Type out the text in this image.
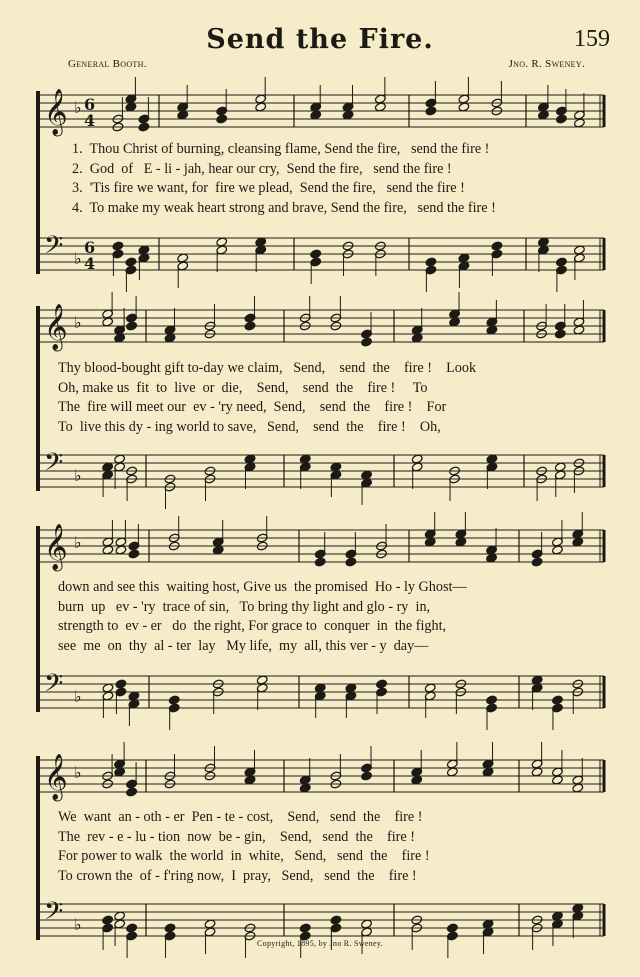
Send the Fire.	159
General Booth.	Jno. R. Sweney.
𝄞 ♭ 6
4
𝄢 ♭
6
4
1.  Thou Christ of burning, cleansing flame, Send the fire,   send the fire !
2.  God  of   E - li - jah, hear our cry,  Send the fire,   send the fire !
3.  'Tis fire we want, for  fire we plead,  Send the fire,   send the fire !
4.  To make my weak heart strong and brave, Send the fire,   send the fire !
𝄞 ♭
𝄢 ♭
Thy blood-bought gift to-day we claim,   Send,    send  the    fire !    Look
Oh, make us  fit  to  live  or  die,    Send,    send  the    fire !     To
The  fire will meet our  ev - 'ry need,  Send,    send  the    fire !    For
To  live this dy - ing world to save,   Send,    send  the    fire !    Oh,
𝄞 ♭
𝄢 ♭
down and see this  waiting host, Give us  the promised  Ho - ly Ghost—
burn  up   ev - 'ry  trace of sin,   To bring thy light and glo - ry  in,
strength to  ev - er   do  the right, For grace to  conquer  in  the fight,
see  me  on  thy  al - ter  lay   My life,  my  all, this ver - y  day—
𝄞 ♭
𝄢 ♭
We  want  an - oth - er  Pen - te - cost,    Send,   send  the    fire !
The  rev - e - lu - tion  now  be - gin,    Send,   send  the    fire !
For power to walk  the world  in  white,   Send,   send  the    fire !
To crown the  of - f'ring now,  I  pray,   Send,   send  the    fire !
Copyright, 1895, by Jno R. Sweney.
